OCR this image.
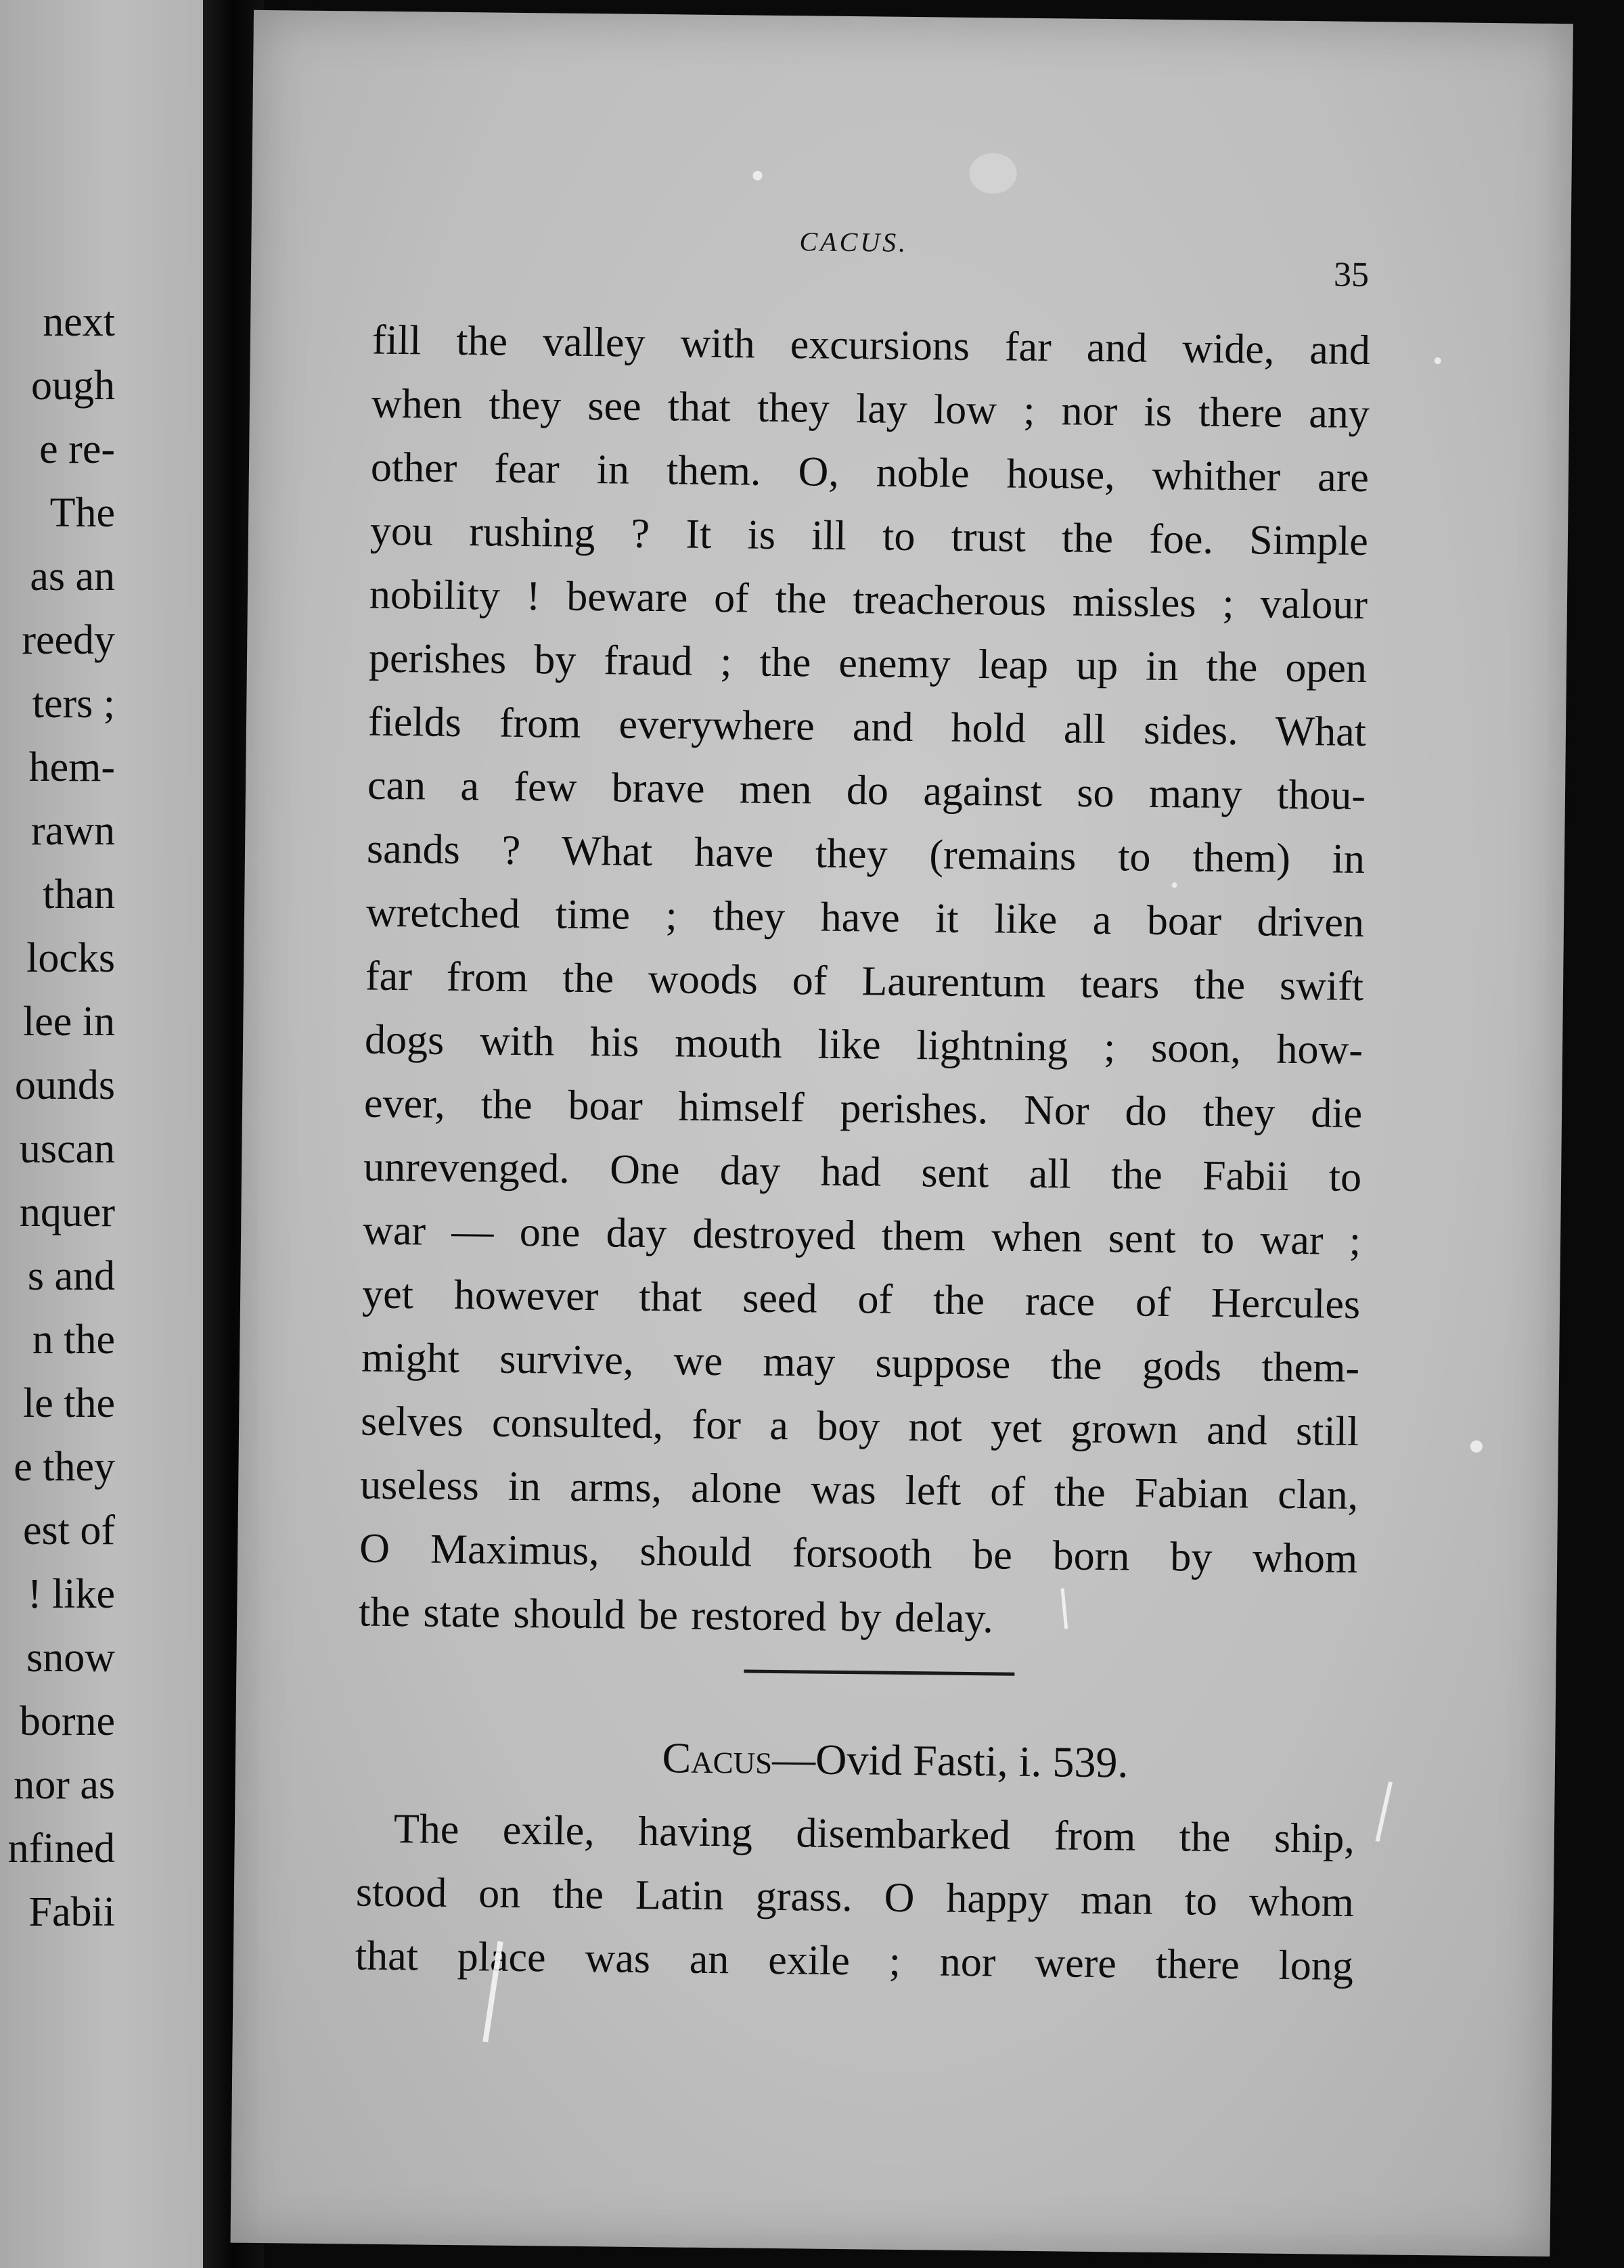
next
ough
e re-
The
as an
reedy
ters ;
hem-
rawn
than
locks
lee in
ounds
uscan
nquer
s and
n the
le the
e they
est of
! like
snow
borne
nor as
nfined
Fabii
CACUS.
35
fill the valley with excursions far and wide, and
when they see that they lay low ; nor is there any
other fear in them. O, noble house, whither are
you rushing ? It is ill to trust the foe. Simple
nobility ! beware of the treacherous missles ; valour
perishes by fraud ; the enemy leap up in the open
fields from everywhere and hold all sides. What
can a few brave men do against so many thou-
sands ? What have they (remains to them) in
wretched time ; they have it like a boar driven
far from the woods of Laurentum tears the swift
dogs with his mouth like lightning ; soon, how-
ever, the boar himself perishes. Nor do they die
unrevenged. One day had sent all the Fabii to
war — one day destroyed them when sent to war ;
yet however that seed of the race of Hercules
might survive, we may suppose the gods them-
selves consulted, for a boy not yet grown and still
useless in arms, alone was left of the Fabian clan,
O Maximus, should forsooth be born by whom
the state should be restored by delay.
Cacus—Ovid Fasti, i. 539.
The exile, having disembarked from the ship,
stood on the Latin grass. O happy man to whom
that place was an exile ; nor were there long
